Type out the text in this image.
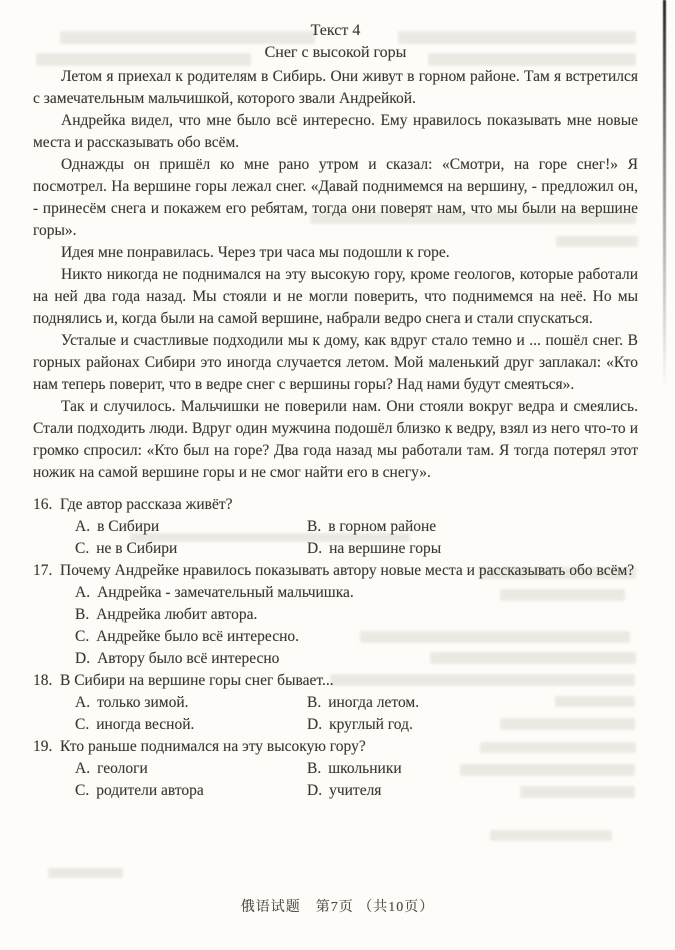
Текст 4
Снег с высокой горы
Летом я приехал к родителям в Сибирь. Они живут в горном районе. Там я встретился с замечательным мальчишкой, которого звали Андрейкой.
Андрейка видел, что мне было всё интересно. Ему нравилось показывать мне новые места и рассказывать обо всём.
Однажды он пришёл ко мне рано утром и сказал: «Смотри, на горе снег!» Я посмотрел. На вершине горы лежал снег. «Давай поднимемся на вершину, - предложил он, - принесём снега и покажем его ребятам, тогда они поверят нам, что мы были на вершине горы».
Идея мне понравилась. Через три часа мы подошли к горе.
Никто никогда не поднимался на эту высокую гору, кроме геологов, которые работали на ней два года назад. Мы стояли и не могли поверить, что поднимемся на неё. Но мы поднялись и, когда были на самой вершине, набрали ведро снега и стали спускаться.
Усталые и счастливые подходили мы к дому, как вдруг стало темно и ... пошёл снег. В горных районах Сибири это иногда случается летом. Мой маленький друг заплакал: «Кто нам теперь поверит, что в ведре снег с вершины горы? Над нами будут смеяться».
Так и случилось. Мальчишки не поверили нам. Они стояли вокруг ведра и смеялись. Стали подходить люди. Вдруг один мужчина подошёл близко к ведру, взял из него что-то и громко спросил: «Кто был на горе? Два года назад мы работали там. Я тогда потерял этот ножик на самой вершине горы и не смог найти его в снегу».
16. Где автор рассказа живёт?
A. в Сибири	B. в горном районе
C. не в Сибири	D. на вершине горы
17. Почему Андрейке нравилось показывать автору новые места и рассказывать обо всём?
A. Андрейка - замечательный мальчишка.
B. Андрейка любит автора.
C. Андрейке было всё интересно.
D. Автору было всё интересно
18. В Сибири на вершине горы снег бывает...
A. только зимой.	B. иногда летом.
C. иногда весной.	D. круглый год.
19. Кто раньше поднимался на эту высокую гору?
A. геологи	B. школьники
C. родители автора	D. учителя
俄语试题　第7页 （共10页）
